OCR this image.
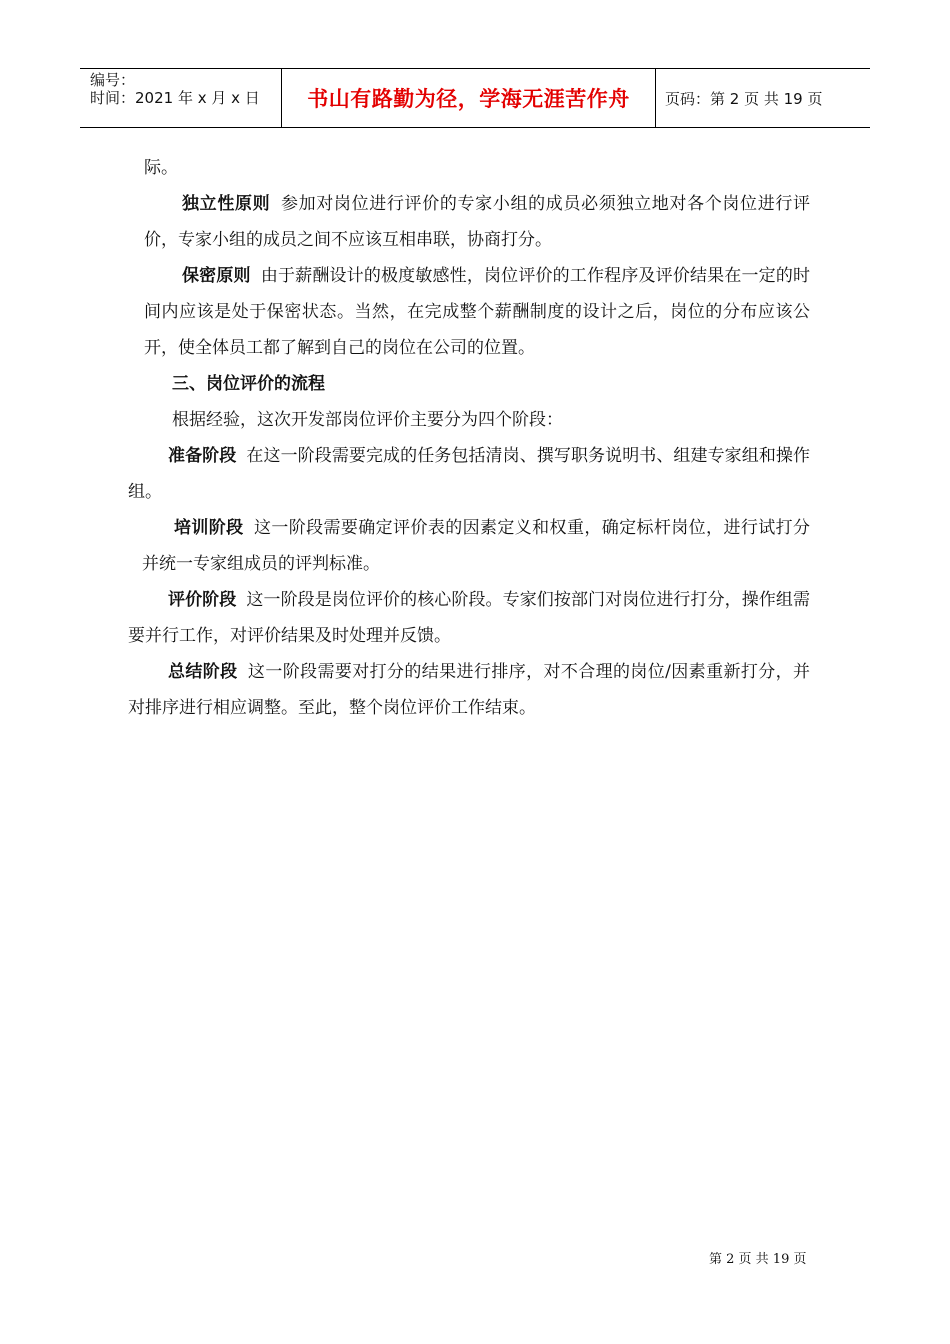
编号：
时间：2021 年 x 月 x 日 书山有路勤为径，学海无涯苦作舟 页码：第 2 页 共 19 页

际。

独立性原则 参加对岗位进行评价的专家小组的成员必须独立地对各个岗位进行评价，专家小组的成员之间不应该互相串联，协商打分。

保密原则 由于薪酬设计的极度敏感性，岗位评价的工作程序及评价结果在一定的时间内应该是处于保密状态。当然，在完成整个薪酬制度的设计之后，岗位的分布应该公开，使全体员工都了解到自己的岗位在公司的位置。

三、岗位评价的流程

根据经验，这次开发部岗位评价主要分为四个阶段：

准备阶段 在这一阶段需要完成的任务包括清岗、撰写职务说明书、组建专家组和操作组。

培训阶段 这一阶段需要确定评价表的因素定义和权重，确定标杆岗位，进行试打分并统一专家组成员的评判标准。

评价阶段 这一阶段是岗位评价的核心阶段。专家们按部门对岗位进行打分，操作组需要并行工作，对评价结果及时处理并反馈。

总结阶段 这一阶段需要对打分的结果进行排序，对不合理的岗位/因素重新打分，并对排序进行相应调整。至此，整个岗位评价工作结束。

第 2 页 共 19 页
